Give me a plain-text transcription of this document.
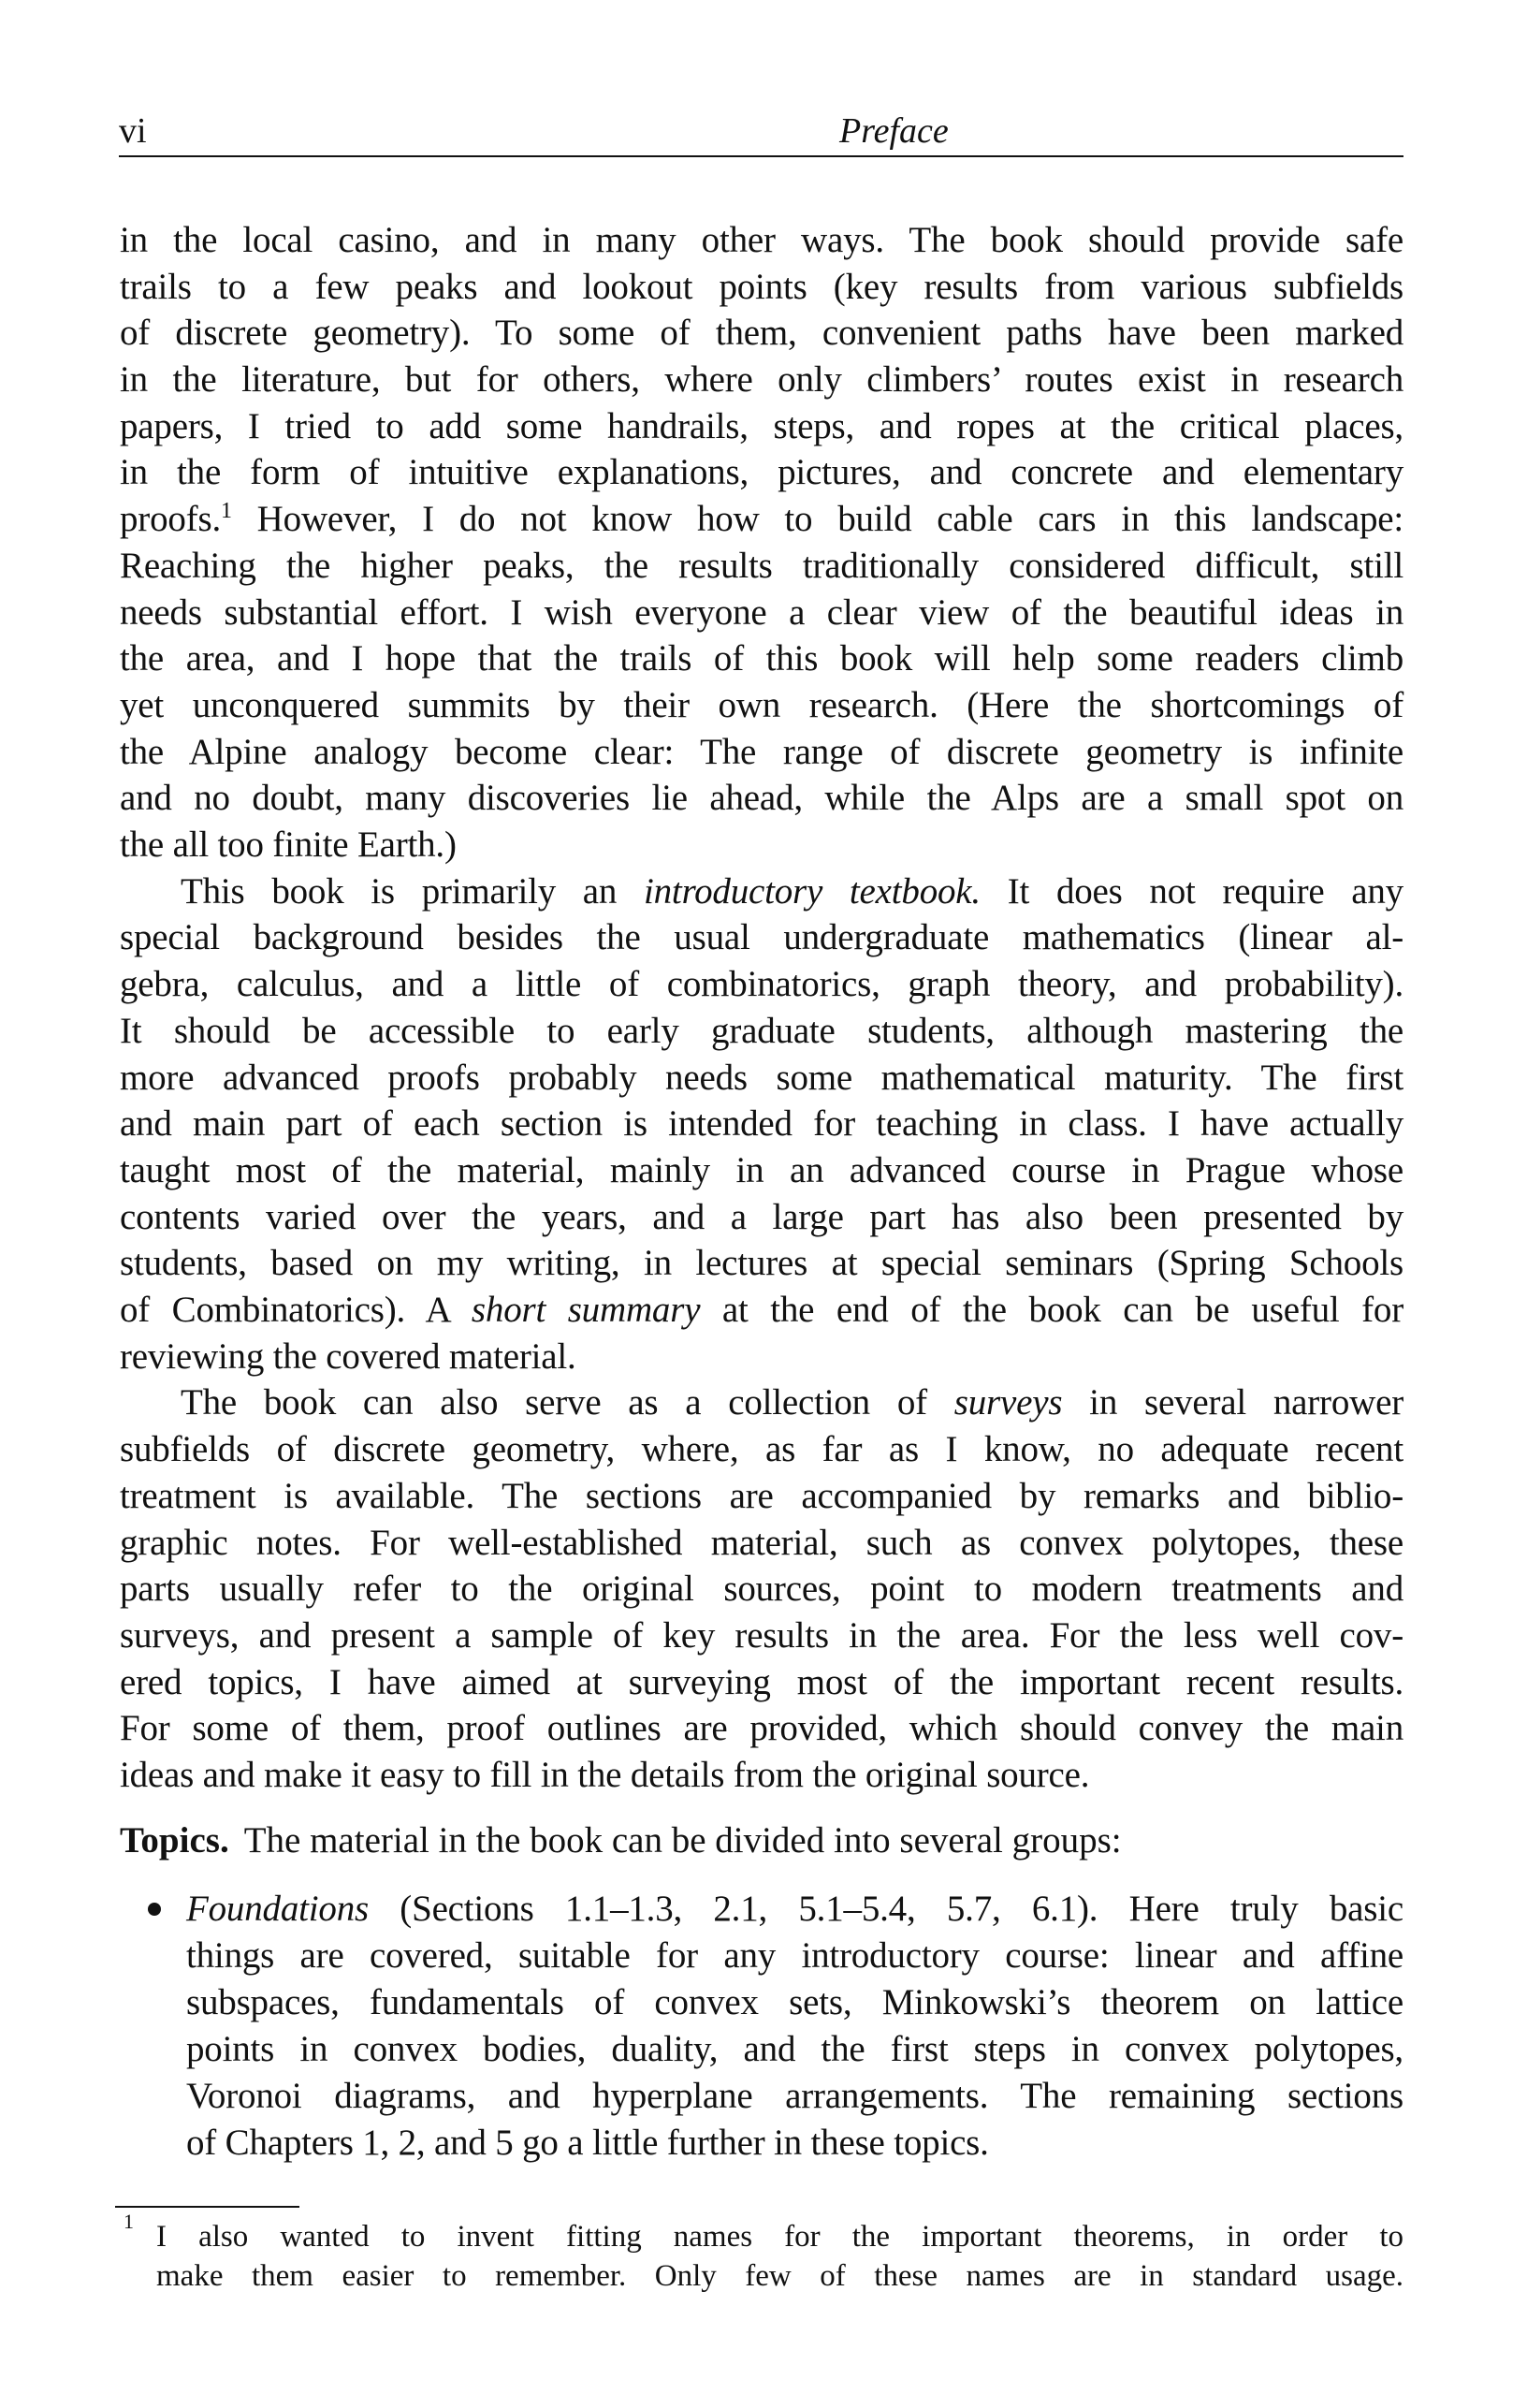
vi	Preface
in the local casino, and in many other ways. The book should provide safe
trails to a few peaks and lookout points (key results from various subfields
of discrete geometry). To some of them, convenient paths have been marked
in the literature, but for others, where only climbers’ routes exist in research
papers, I tried to add some handrails, steps, and ropes at the critical places,
in the form of intuitive explanations, pictures, and concrete and elementary
proofs.$^1$ However, I do not know how to build cable cars in this landscape:
Reaching the higher peaks, the results traditionally considered difficult, still
needs substantial effort. I wish everyone a clear view of the beautiful ideas in
the area, and I hope that the trails of this book will help some readers climb
yet unconquered summits by their own research. (Here the shortcomings of
the Alpine analogy become clear: The range of discrete geometry is infinite
and no doubt, many discoveries lie ahead, while the Alps are a small spot on
the all too finite Earth.)
This book is primarily an introductory textbook. It does not require any
special background besides the usual undergraduate mathematics (linear al-
gebra, calculus, and a little of combinatorics, graph theory, and probability).
It should be accessible to early graduate students, although mastering the
more advanced proofs probably needs some mathematical maturity. The first
and main part of each section is intended for teaching in class. I have actually
taught most of the material, mainly in an advanced course in Prague whose
contents varied over the years, and a large part has also been presented by
students, based on my writing, in lectures at special seminars (Spring Schools
of Combinatorics). A short summary at the end of the book can be useful for
reviewing the covered material.
The book can also serve as a collection of surveys in several narrower
subfields of discrete geometry, where, as far as I know, no adequate recent
treatment is available. The sections are accompanied by remarks and biblio-
graphic notes. For well-established material, such as convex polytopes, these
parts usually refer to the original sources, point to modern treatments and
surveys, and present a sample of key results in the area. For the less well cov-
ered topics, I have aimed at surveying most of the important recent results.
For some of them, proof outlines are provided, which should convey the main
ideas and make it easy to fill in the details from the original source.
Topics. The material in the book can be divided into several groups:
Foundations (Sections 1.1–1.3, 2.1, 5.1–5.4, 5.7, 6.1). Here truly basic
things are covered, suitable for any introductory course: linear and affine
subspaces, fundamentals of convex sets, Minkowski’s theorem on lattice
points in convex bodies, duality, and the first steps in convex polytopes,
Voronoi diagrams, and hyperplane arrangements. The remaining sections
of Chapters 1, 2, and 5 go a little further in these topics.
1 I also wanted to invent fitting names for the important theorems, in order to
make them easier to remember. Only few of these names are in standard usage.
